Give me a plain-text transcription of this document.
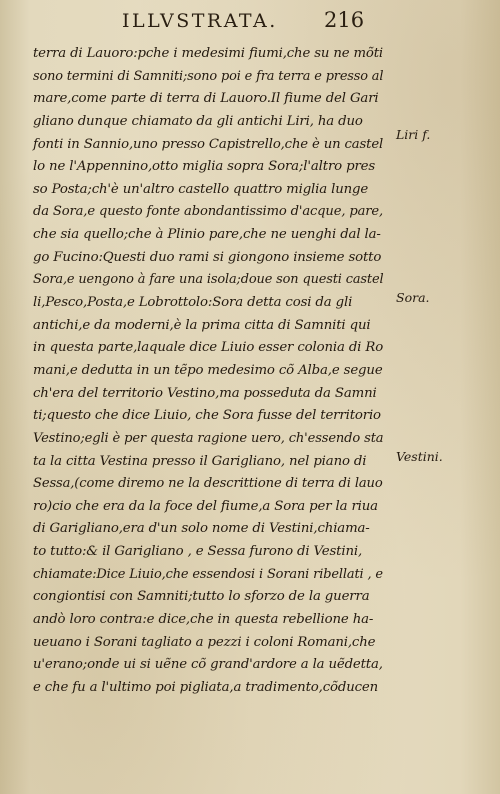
ILLVSTRATA. 216
terra di Lauoro:pche i medesimi fiumi,che su ne mõti
sono termini di Samniti;sono poi e fra terra e presso al
mare,come parte di terra di Lauoro.Il fiume del Gari
gliano dunque chiamato da gli antichi Liri, ha duo
fonti in Sannio,uno presso Capistrello,che è un castel
lo ne l'Appennino,otto miglia sopra Sora;l'altro pres
so Posta;ch'è un'altro castello quattro miglia lunge
da Sora,e questo fonte abondantissimo d'acque, pare,
che sia quello;che à Plinio pare,che ne uenghi dal la-
go Fucino:Questi duo rami si giongono insieme sotto
Sora,e uengono à fare una isola;doue son questi castel
li,Pesco,Posta,e Lobrottolo:Sora detta cosi da gli
antichi,e da moderni,è la prima citta di Samniti qui
in questa parte,laquale dice Liuio esser colonia di Ro
mani,e dedutta in un tẽpo medesimo cõ Alba,e segue
ch'era del territorio Vestino,ma posseduta da Samni
ti;questo che dice Liuio, che Sora fusse del territorio
Vestino;egli è per questa ragione uero, ch'essendo sta
ta la citta Vestina presso il Garigliano, nel piano di
Sessa,(come diremo ne la descrittione di terra di lauo
ro)cio che era da la foce del fiume,a Sora per la riua
di Garigliano,era d'un solo nome di Vestini,chiama-
to tutto:& il Garigliano , e Sessa furono di Vestini,
chiamate:Dice Liuio,che essendosi i Sorani ribellati , e
congiontisi con Samniti;tutto lo sforzo de la guerra
andò loro contra:e dice,che in questa rebellione ha-
ueuano i Sorani tagliato a pezzi i coloni Romani,che
u'erano;onde ui si uẽne cõ grand'ardore a la uẽdetta,
e che fu a l'ultimo poi pigliata,a tradimento,cõducen
Liri f.
Sora.
Vestini.
